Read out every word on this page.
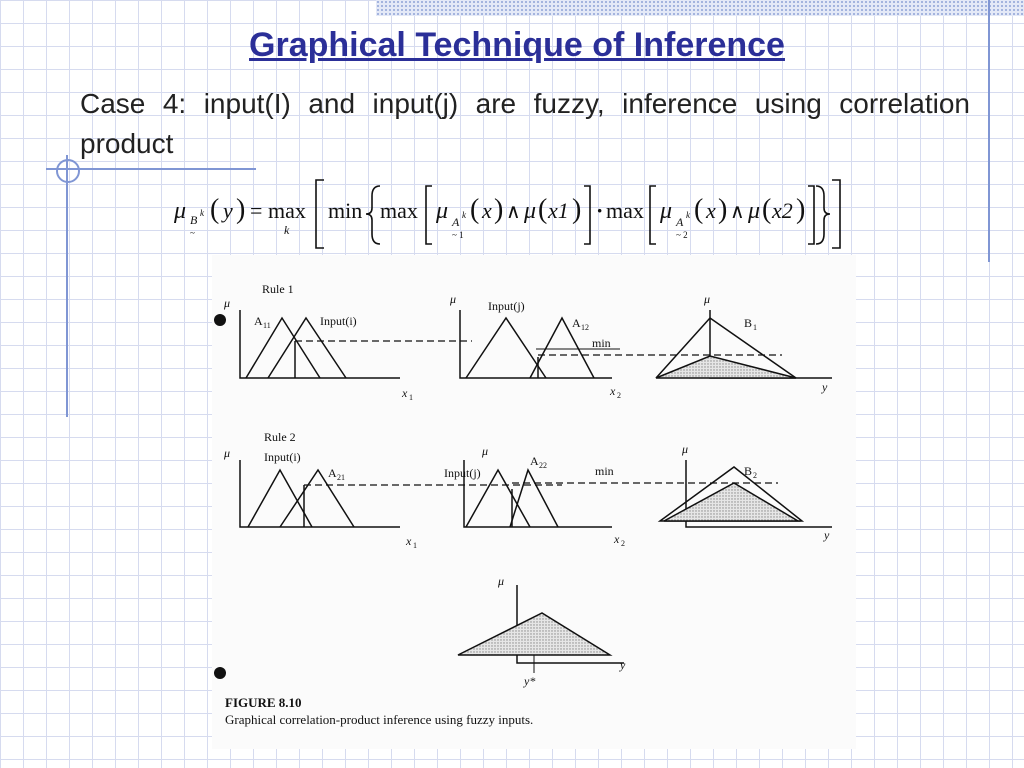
Graphical Technique of Inference
Case 4: input(I) and input(j) are fuzzy, inference using correlation product
μ B k
~
( y ) = max
k
min max μ A k
~ 1
( x ) ∧ μ ( x1 ) · max μ A k
~ 2
( x ) ∧ μ ( x2 )
Rule 1
μ
A 11	Input(i)
x 1
μ	Input(j)
A 12
min
x 2
μ
B 1
y
Rule 2
μ	Input(i)
A 21
x 1
μ
A 22
Input(j)	min
x 2
μ
B 2
y
μ
y
y*
FIGURE 8.10
Graphical correlation-product inference using fuzzy inputs.
